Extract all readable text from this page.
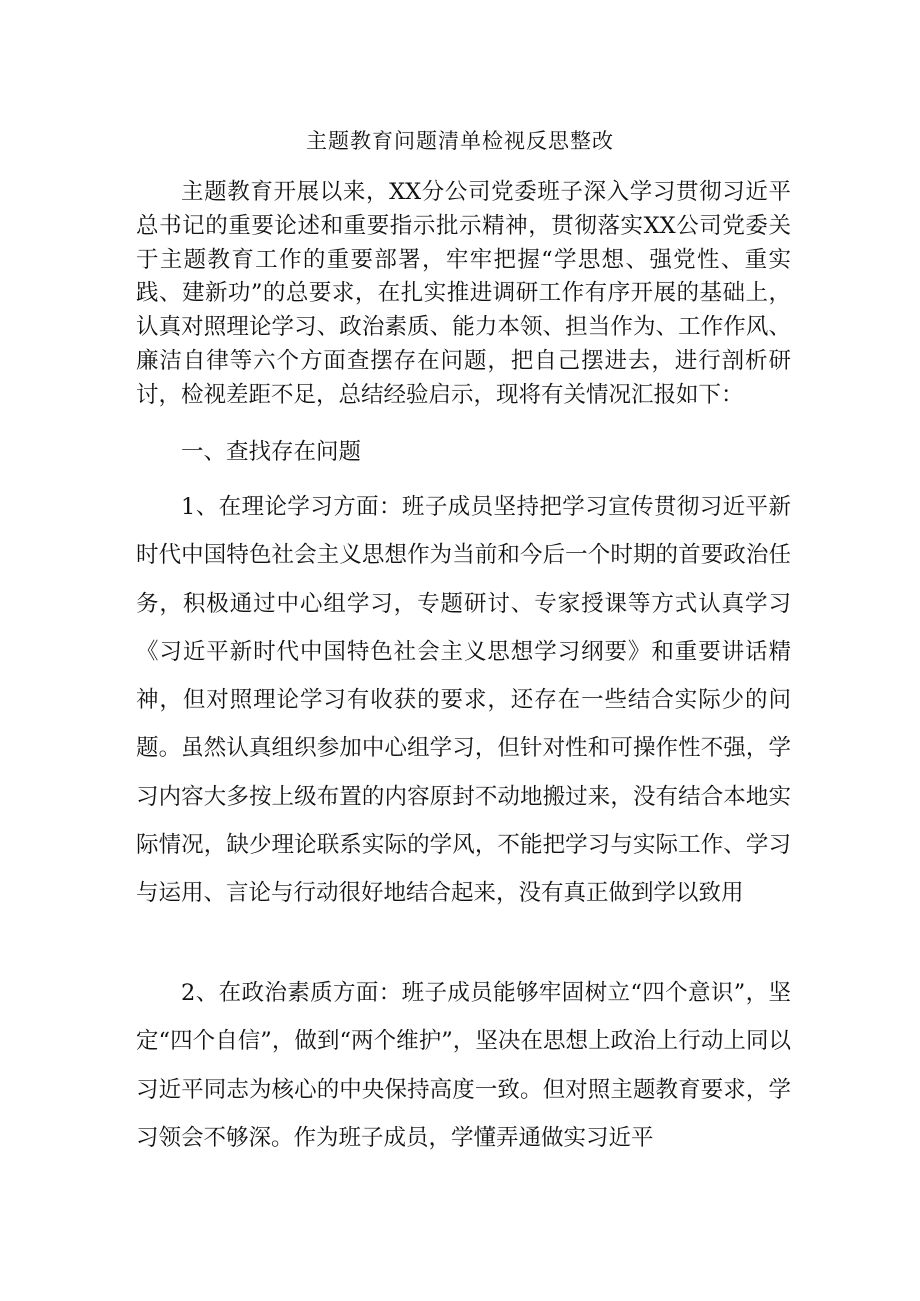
主题教育问题清单检视反思整改

主题教育开展以来，XX分公司党委班子深入学习贯彻习近平总书记的重要论述和重要指示批示精神，贯彻落实XX公司党委关于主题教育工作的重要部署，牢牢把握“学思想、强党性、重实践、建新功”的总要求，在扎实推进调研工作有序开展的基础上，认真对照理论学习、政治素质、能力本领、担当作为、工作作风、廉洁自律等六个方面查摆存在问题，把自己摆进去，进行剖析研讨，检视差距不足，总结经验启示，现将有关情况汇报如下：

一、查找存在问题

1、在理论学习方面：班子成员坚持把学习宣传贯彻习近平新时代中国特色社会主义思想作为当前和今后一个时期的首要政治任务，积极通过中心组学习，专题研讨、专家授课等方式认真学习《习近平新时代中国特色社会主义思想学习纲要》和重要讲话精神，但对照理论学习有收获的要求，还存在一些结合实际少的问题。虽然认真组织参加中心组学习，但针对性和可操作性不强，学习内容大多按上级布置的内容原封不动地搬过来，没有结合本地实际情况，缺少理论联系实际的学风，不能把学习与实际工作、学习与运用、言论与行动很好地结合起来，没有真正做到学以致用

2、在政治素质方面：班子成员能够牢固树立“四个意识”，坚定“四个自信”，做到“两个维护”，坚决在思想上政治上行动上同以习近平同志为核心的中央保持高度一致。但对照主题教育要求，学习领会不够深。作为班子成员，学懂弄通做实习近平
